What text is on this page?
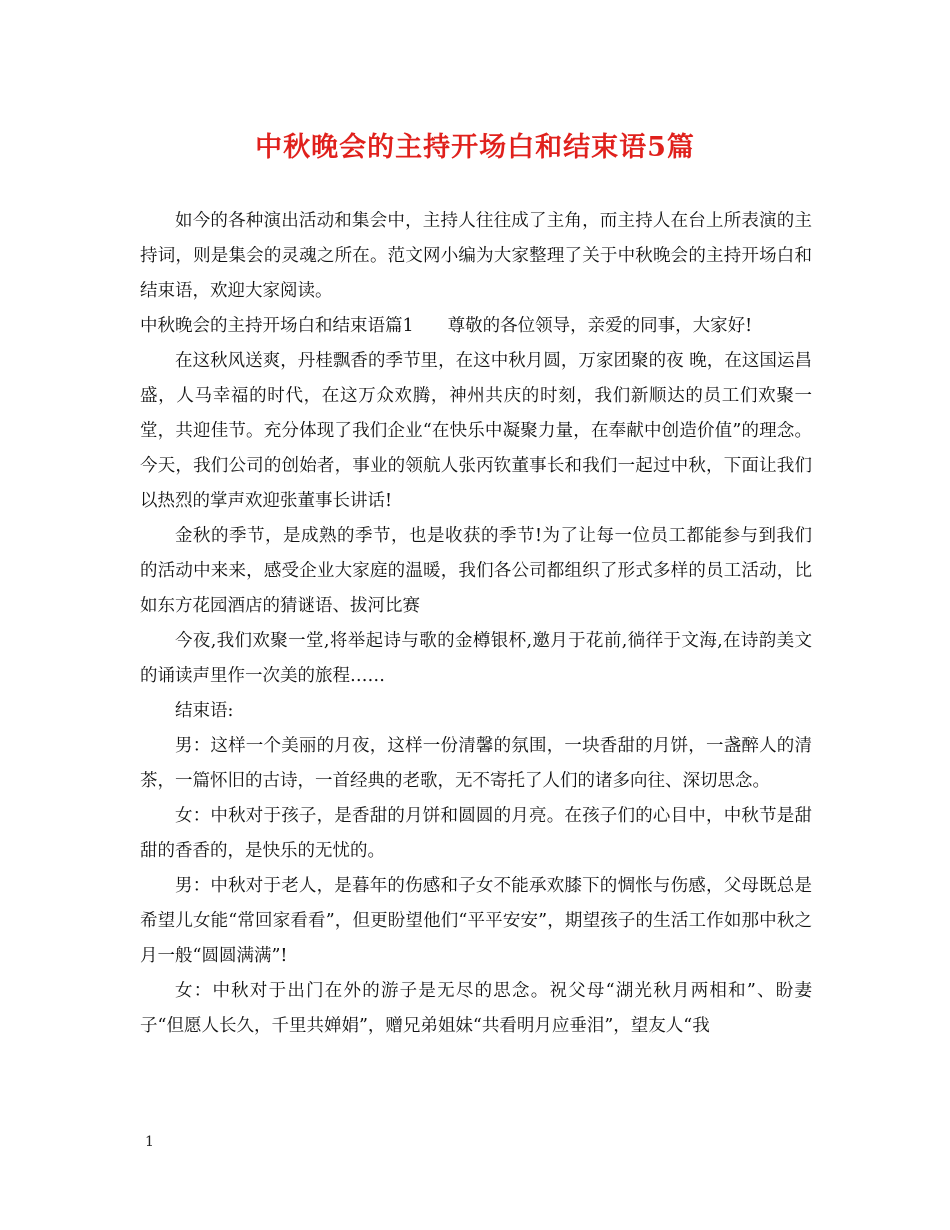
中秋晚会的主持开场白和结束语5篇

如今的各种演出活动和集会中，主持人往往成了主角，而主持人在台上所表演的主持词，则是集会的灵魂之所在。范文网小编为大家整理了关于中秋晚会的主持开场白和结束语，欢迎大家阅读。

中秋晚会的主持开场白和结束语篇1 尊敬的各位领导，亲爱的同事，大家好!

在这秋风送爽，丹桂飘香的季节里，在这中秋月圆，万家团聚的夜 晚，在这国运昌盛，人马幸福的时代，在这万众欢腾，神州共庆的时刻，我们新顺达的员工们欢聚一堂，共迎佳节。充分体现了我们企业“在快乐中凝聚力量，在奉献中创造价值”的理念。今天，我们公司的创始者，事业的领航人张丙钦董事长和我们一起过中秋，下面让我们以热烈的掌声欢迎张董事长讲话!

金秋的季节，是成熟的季节，也是收获的季节!为了让每一位员工都能参与到我们的活动中来来，感受企业大家庭的温暖，我们各公司都组织了形式多样的员工活动，比如东方花园酒店的猜谜语、拔河比赛

今夜,我们欢聚一堂,将举起诗与歌的金樽银杯,邀月于花前,徜徉于文海,在诗韵美文的诵读声里作一次美的旅程……

结束语:

男：这样一个美丽的月夜，这样一份清馨的氛围，一块香甜的月饼，一盏醉人的清茶，一篇怀旧的古诗，一首经典的老歌，无不寄托了人们的诸多向往、深切思念。

女：中秋对于孩子，是香甜的月饼和圆圆的月亮。在孩子们的心目中，中秋节是甜甜的香香的，是快乐的无忧的。

男：中秋对于老人，是暮年的伤感和子女不能承欢膝下的惆怅与伤感，父母既总是希望儿女能“常回家看看”，但更盼望他们“平平安安”，期望孩子的生活工作如那中秋之月一般“圆圆满满”!

女：中秋对于出门在外的游子是无尽的思念。祝父母“湖光秋月两相和”、盼妻子“但愿人长久，千里共婵娟”，赠兄弟姐妹“共看明月应垂泪”，望友人“我

1
